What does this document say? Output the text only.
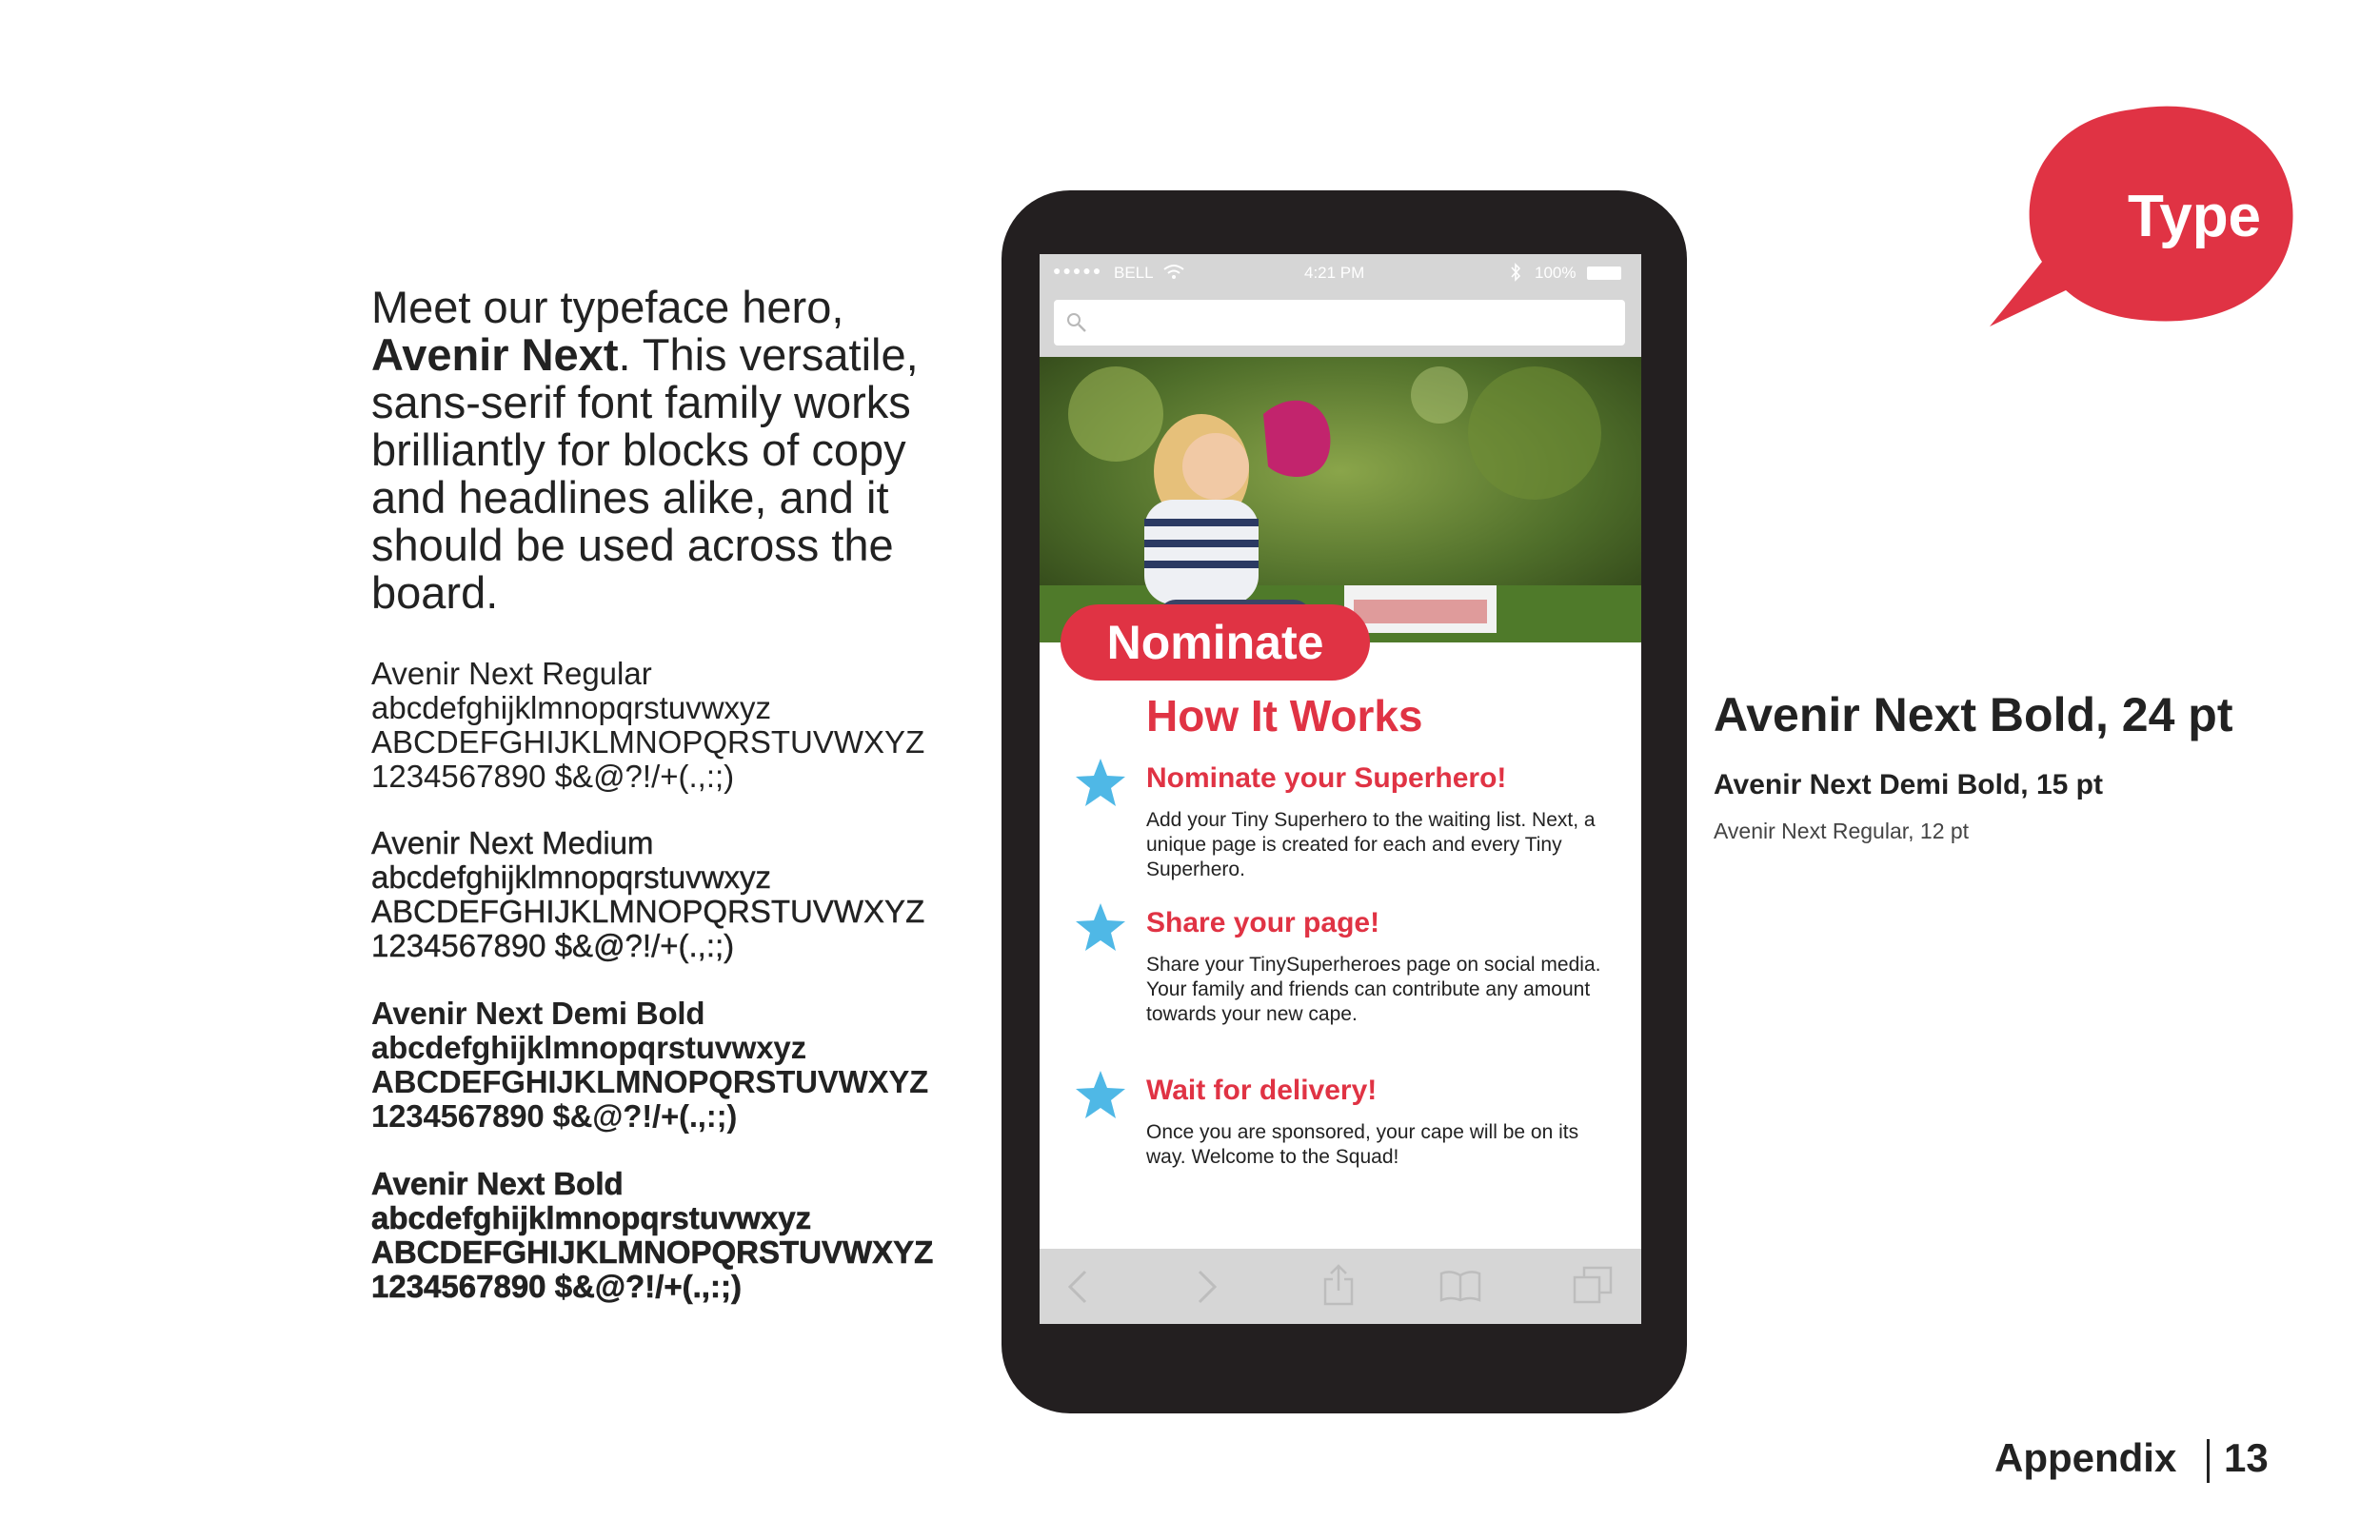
Meet our typeface hero,
Avenir Next. This versatile, sans-serif font family works brilliantly for blocks of copy and headlines alike, and it should be used across the board.
Avenir Next Regular
abcdefghijklmnopqrstuvwxyz
ABCDEFGHIJKLMNOPQRSTUVWXYZ
1234567890 $&@?!/+(.,:;)
Avenir Next Medium
abcdefghijklmnopqrstuvwxyz
ABCDEFGHIJKLMNOPQRSTUVWXYZ
1234567890 $&@?!/+(.,:;)
Avenir Next Demi Bold
abcdefghijklmnopqrstuvwxyz
ABCDEFGHIJKLMNOPQRSTUVWXYZ
1234567890 $&@?!/+(.,:;)
Avenir Next Bold
abcdefghijklmnopqrstuvwxyz
ABCDEFGHIJKLMNOPQRSTUVWXYZ
1234567890 $&@?!/+(.,:;)
Type
●●●●● BELL	4:21 PM	100%
Nominate
How It Works
Nominate your Superhero!
Add your Tiny Superhero to the waiting list. Next, a unique page is created for each and every Tiny Superhero.
Share your page!
Share your TinySuperheroes page on social media. Your family and friends can contribute any amount towards your new cape.
Wait for delivery!
Once you are sponsored, your cape will be on its way. Welcome to the Squad!
Avenir Next Bold, 24 pt
Avenir Next Demi Bold, 15 pt
Avenir Next Regular, 12 pt
Appendix 13
